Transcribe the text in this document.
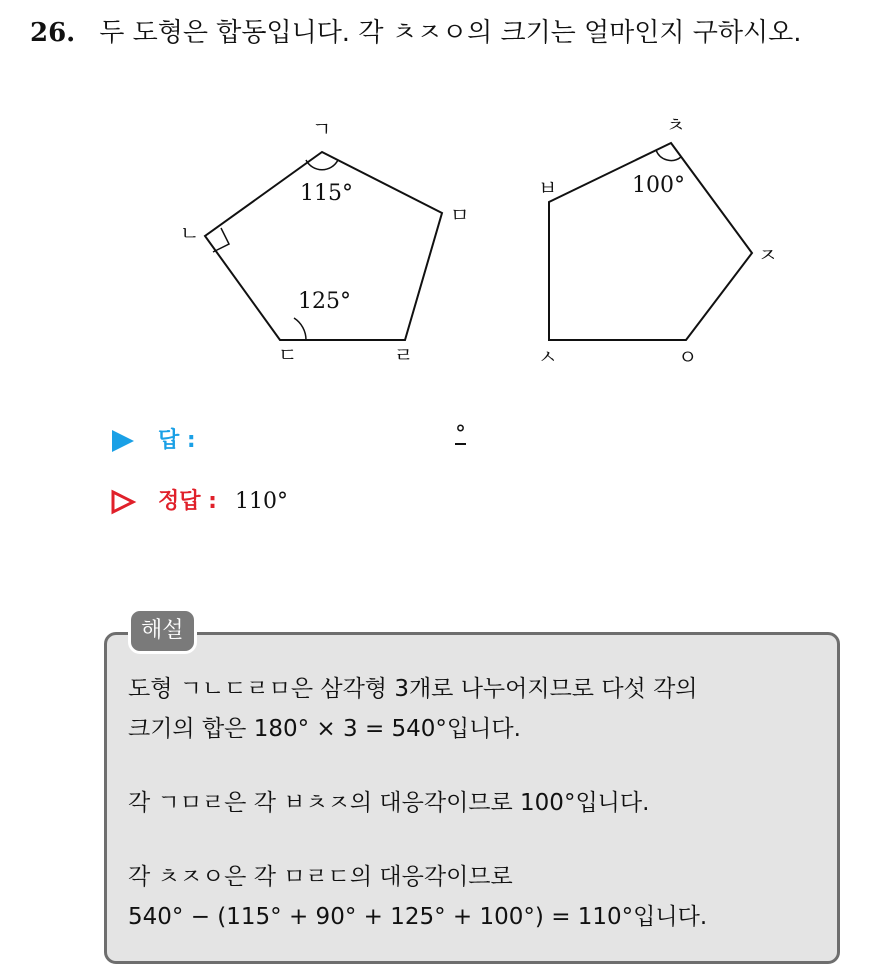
26. 두 도형은 합동입니다. 각 ㅊㅈㅇ의 크기는 얼마인지 구하시오.
ㄱ
ㄴ
ㄷ	ㄹ
ㅁ
115°
125°
ㅊ
ㅂ
ㅅ	ㅇ
ㅈ
100°
답 :	°
정답 : 110°
해설
도형 ㄱㄴㄷㄹㅁ은 삼각형 3개로 나누어지므로 다섯 각의
크기의 합은 180° × 3 = 540°입니다.
각 ㄱㅁㄹ은 각 ㅂㅊㅈ의 대응각이므로 100°입니다.
각 ㅊㅈㅇ은 각 ㅁㄹㄷ의 대응각이므로
540° − (115° + 90° + 125° + 100°) = 110°입니다.
